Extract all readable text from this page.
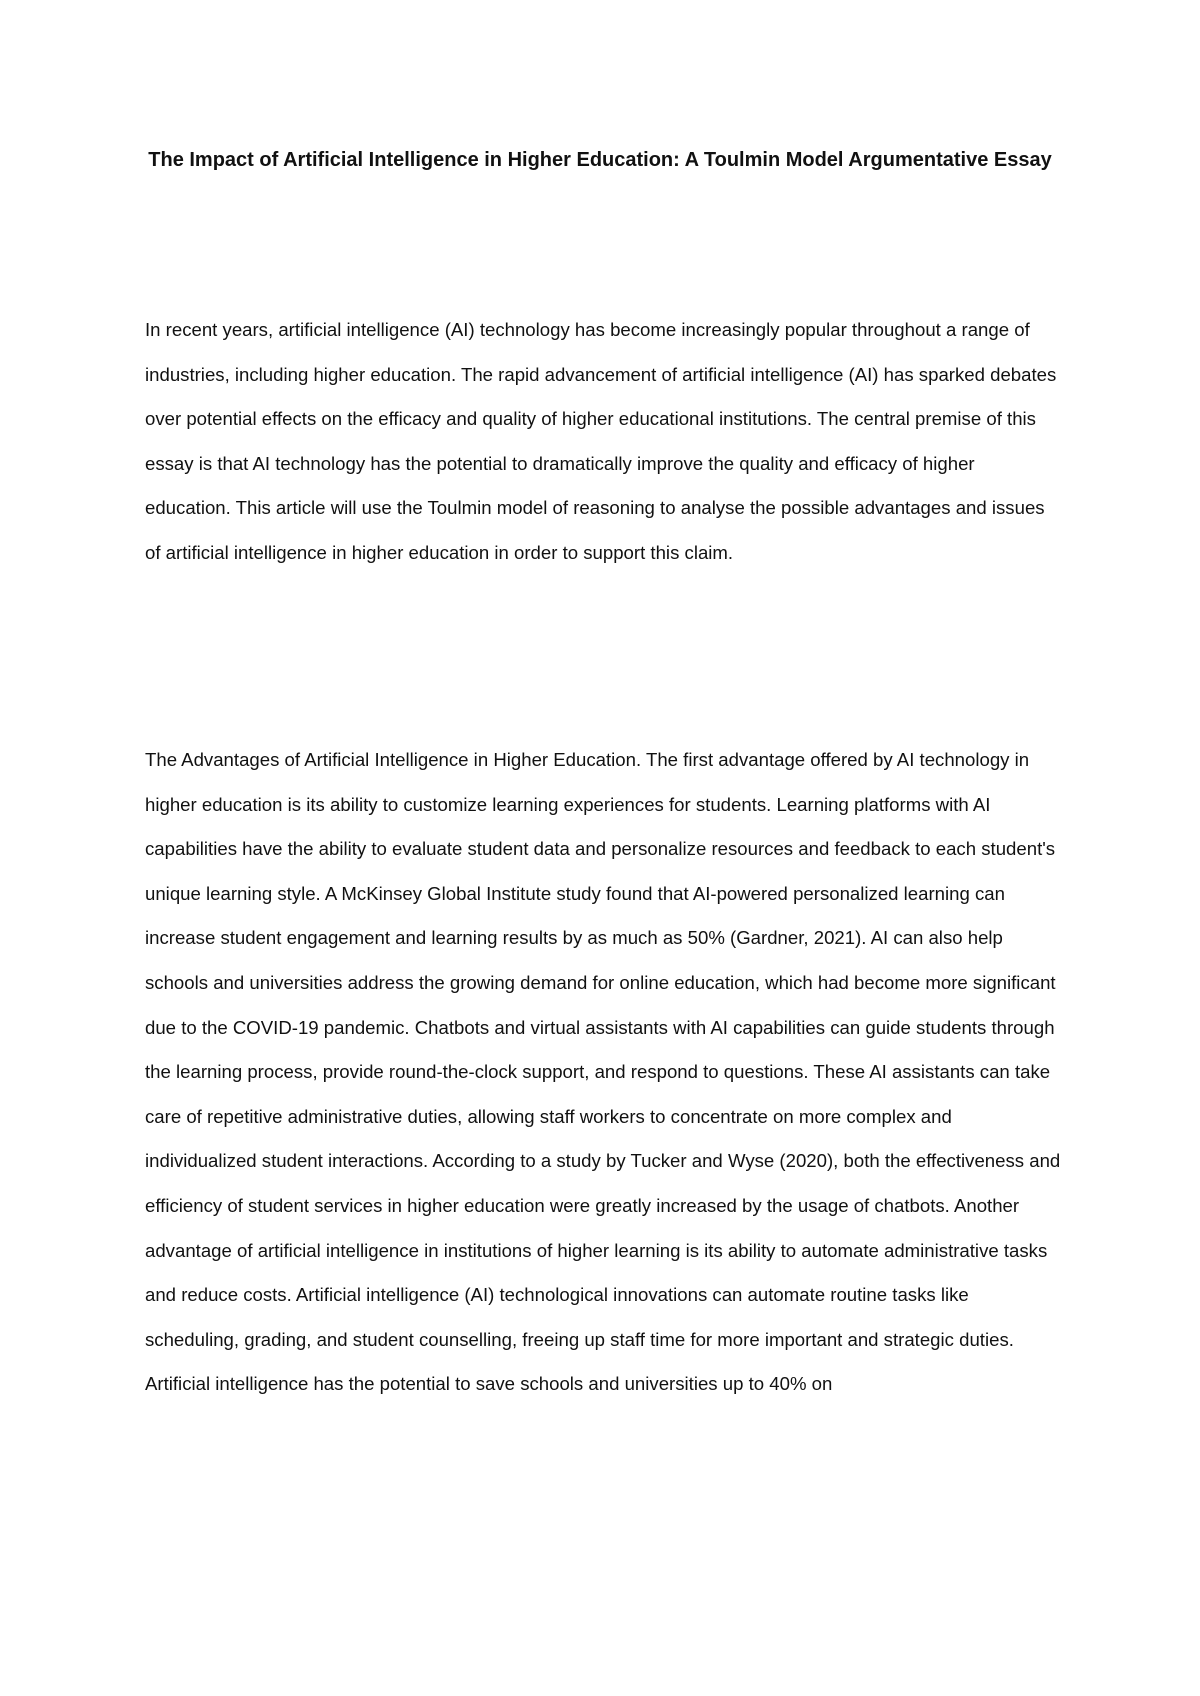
The Impact of Artificial Intelligence in Higher Education: A Toulmin Model Argumentative Essay

In recent years, artificial intelligence (AI) technology has become increasingly popular throughout a range of industries, including higher education. The rapid advancement of artificial intelligence (AI) has sparked debates over potential effects on the efficacy and quality of higher educational institutions. The central premise of this essay is that AI technology has the potential to dramatically improve the quality and efficacy of higher education. This article will use the Toulmin model of reasoning to analyse the possible advantages and issues of artificial intelligence in higher education in order to support this claim.

The Advantages of Artificial Intelligence in Higher Education. The first advantage offered by AI technology in higher education is its ability to customize learning experiences for students. Learning platforms with AI capabilities have the ability to evaluate student data and personalize resources and feedback to each student's unique learning style. A McKinsey Global Institute study found that AI-powered personalized learning can increase student engagement and learning results by as much as 50% (Gardner, 2021). AI can also help schools and universities address the growing demand for online education, which had become more significant due to the COVID-19 pandemic. Chatbots and virtual assistants with AI capabilities can guide students through the learning process, provide round-the-clock support, and respond to questions. These AI assistants can take care of repetitive administrative duties, allowing staff workers to concentrate on more complex and individualized student interactions. According to a study by Tucker and Wyse (2020), both the effectiveness and efficiency of student services in higher education were greatly increased by the usage of chatbots. Another advantage of artificial intelligence in institutions of higher learning is its ability to automate administrative tasks and reduce costs. Artificial intelligence (AI) technological innovations can automate routine tasks like scheduling, grading, and student counselling, freeing up staff time for more important and strategic duties. Artificial intelligence has the potential to save schools and universities up to 40% on
